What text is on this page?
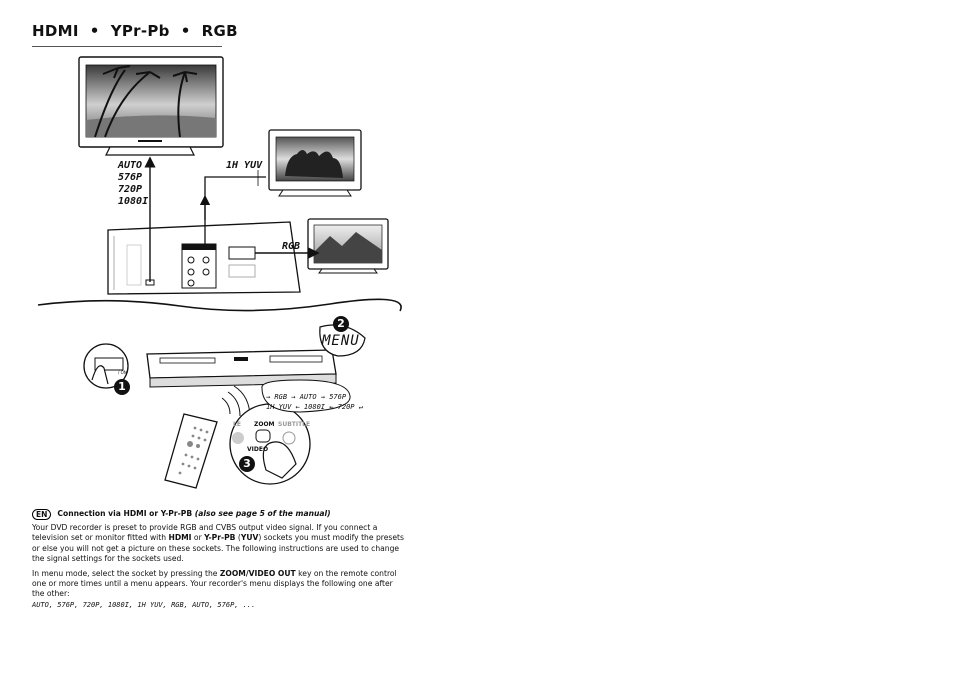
HDMI  •  YPr-Pb  •  RGB
1
2
3
AUTO
576P
720P
1080I
1H YUV
RGB
MENU
→ RGB → AUTO → 576P
1H YUV ← 1080I ← 720P ↵
LE ZOOM
VIDEO
SUBTITLE
/ ON
EN	Connection via HDMI or Y-Pr-PB (also see page 5 of the manual)

Your DVD recorder is preset to provide RGB and CVBS output video signal. If you connect a television set or monitor fitted with HDMI or Y-Pr-PB (YUV) sockets you must modify the presets or else you will not get a picture on these sockets. The following instructions are used to change the signal settings for the sockets used.

In menu mode, select the socket by pressing the ZOOM/VIDEO OUT key on the remote control one or more times until a menu appears. Your recorder's menu displays the following one after the other:
AUTO, 576P, 720P, 1080I, 1H YUV, RGB, AUTO, 576P, ...
